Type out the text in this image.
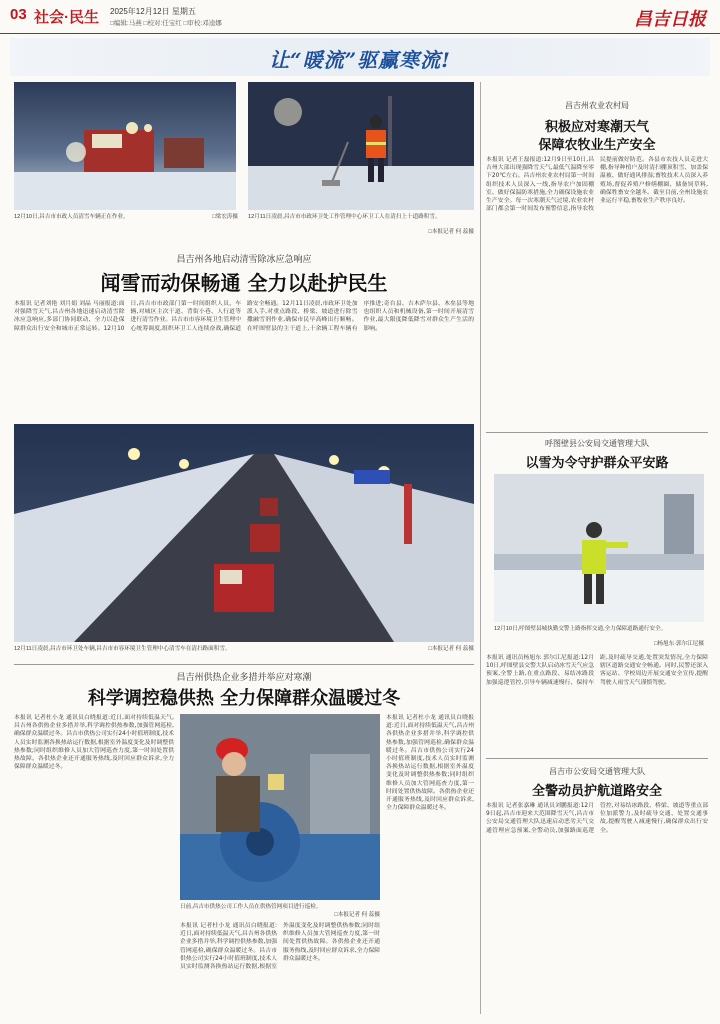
03 社会·民生 2025年12月12日 星期五
□编辑:马燕 □校对:任宝红 □审校:邓逵娜	昌吉日报
让“暖流”驱赢寒流!
12月10日,昌吉市市政人员清雪车辆正在作业。	□梁宏涛摄 12月11日凌晨,昌吉市市政环卫处工作管理中心环卫工人在清扫上十道路积雪。
□本报记者 何 蕊摄
昌吉州各地启动清雪除冰应急响应
闻雪而动保畅通 全力以赴护民生
本报讯 记者刘艳 刘月娟 刘晶 马丽报道:面对强降雪天气,昌吉州各地迅速启动清雪除冰应急响应,多部门协同联动、全力以赴保障群众出行安全和城市正常运转。12月10日,昌吉市市政部门第一时间组织人员、车辆,对城区主次干道、背街小巷、人行道等进行清雪作业。昌吉市市容环境卫生管理中心统筹调度,组织环卫工人连续奋战,确保道路安全畅通。12月11日凌晨,市政环卫处加派人手,对重点路段、桥梁、坡道进行除雪撒融雪剂作业,确保市民早高峰出行顺畅。在呼图壁县的主干道上,十余辆工程车辆有序推进;奇台县、吉木萨尔县、木垒县等地也组织人员和机械设备,第一时间开展清雪作业,最大限度降低降雪对群众生产生活的影响。
12月11日凌晨,昌吉市环卫处车辆,昌吉市市容环境卫生管理中心清雪车在清扫路面积雪。	□本报记者 何 蕊摄
昌吉州供热企业多措并举应对寒潮
科学调控稳供热 全力保障群众温暖过冬
本报讯 记者杜小龙 通讯员白晓报道:近日,面对持续低温天气,昌吉州各供热企业多措并举,科学调控供热参数,加强管网巡检,确保群众温暖过冬。昌吉市供热公司实行24小时值班制度,技术人员实时监测各换热站运行数据,根据室外温度变化及时调整供热参数;同时组织维修人员加大管网巡查力度,第一时间处置供热故障。各供热企业还开通服务热线,及时回应群众诉求,全力保障群众温暖过冬。
日前,昌吉市供热公司工作人员在供热管网项目进行巡检。
□本报记者 何 蕊摄
本报讯 记者杜小龙 通讯员白晓报道:近日,面对持续低温天气,昌吉州各供热企业多措并举,科学调控供热参数,加强管网巡检,确保群众温暖过冬。昌吉市供热公司实行24小时值班制度,技术人员实时监测各换热站运行数据,根据室外温度变化及时调整供热参数;同时组织维修人员加大管网巡查力度,第一时间处置供热故障。各供热企业还开通服务热线,及时回应群众诉求,全力保障群众温暖过冬。
本报讯 记者杜小龙 通讯员白晓报道:近日,面对持续低温天气,昌吉州各供热企业多措并举,科学调控供热参数,加强管网巡检,确保群众温暖过冬。昌吉市供热公司实行24小时值班制度,技术人员实时监测各换热站运行数据,根据室外温度变化及时调整供热参数;同时组织维修人员加大管网巡查力度,第一时间处置供热故障。各供热企业还开通服务热线,及时回应群众诉求,全力保障群众温暖过冬。
昌吉州农业农村局
积极应对寒潮天气
保障农牧业生产安全
本报讯 记者王磊报道:12月9日至10日,昌吉州大部出现强降雪天气,最低气温降至零下20℃左右。昌吉州农业农村局第一时间组织技术人员深入一线,指导农户加固棚室、做好保温防寒措施,全力确保设施农业生产安全。每一次寒潮天气过境,农业农村部门都会第一时间发布预警信息,指导农牧民提前做好防范。各县市农技人员走进大棚,指导种植户及时清扫棚顶积雪、加盖保温被、做好通风排湿;畜牧技术人员深入养殖场,督促养殖户修缮棚圈、储备饲草料,确保牲畜安全越冬。截至目前,全州设施农业运行平稳,畜牧业生产秩序良好。
呼图壁县公安局交通管理大队
以雪为令守护群众平安路
12月10日,呼图壁县城执勤交警上路指挥交通,全力保障道路通行安全。
□杨旭东·郭尔江尼摄
本报讯 通讯员杨旭东 郭尔江尼报道:12月10日,呼图壁县交警大队启动冰雪天气应急预案,全警上路,在重点路段、易结冰路段加强巡逻管控,引导车辆减速慢行、保持车距,及时疏导交通,处置突发情况,全力保障辖区道路交通安全畅通。同时,民警还深入客运站、学校周边开展交通安全宣传,提醒驾驶人雨雪天气谨慎驾驶。
昌吉市公安局交通管理大队
全警动员护航道路安全
本报讯 记者张嘉琳 通讯员刘鹏报道:12月9日起,昌吉市迎来大范围降雪天气,昌吉市公安局交通管理大队迅速启动恶劣天气交通管理应急预案,全警动员,加强路面巡逻管控,对易结冰路段、桥梁、坡道等重点部位加派警力,及时疏导交通、处置交通事故,提醒驾驶人减速慢行,确保群众出行安全。
